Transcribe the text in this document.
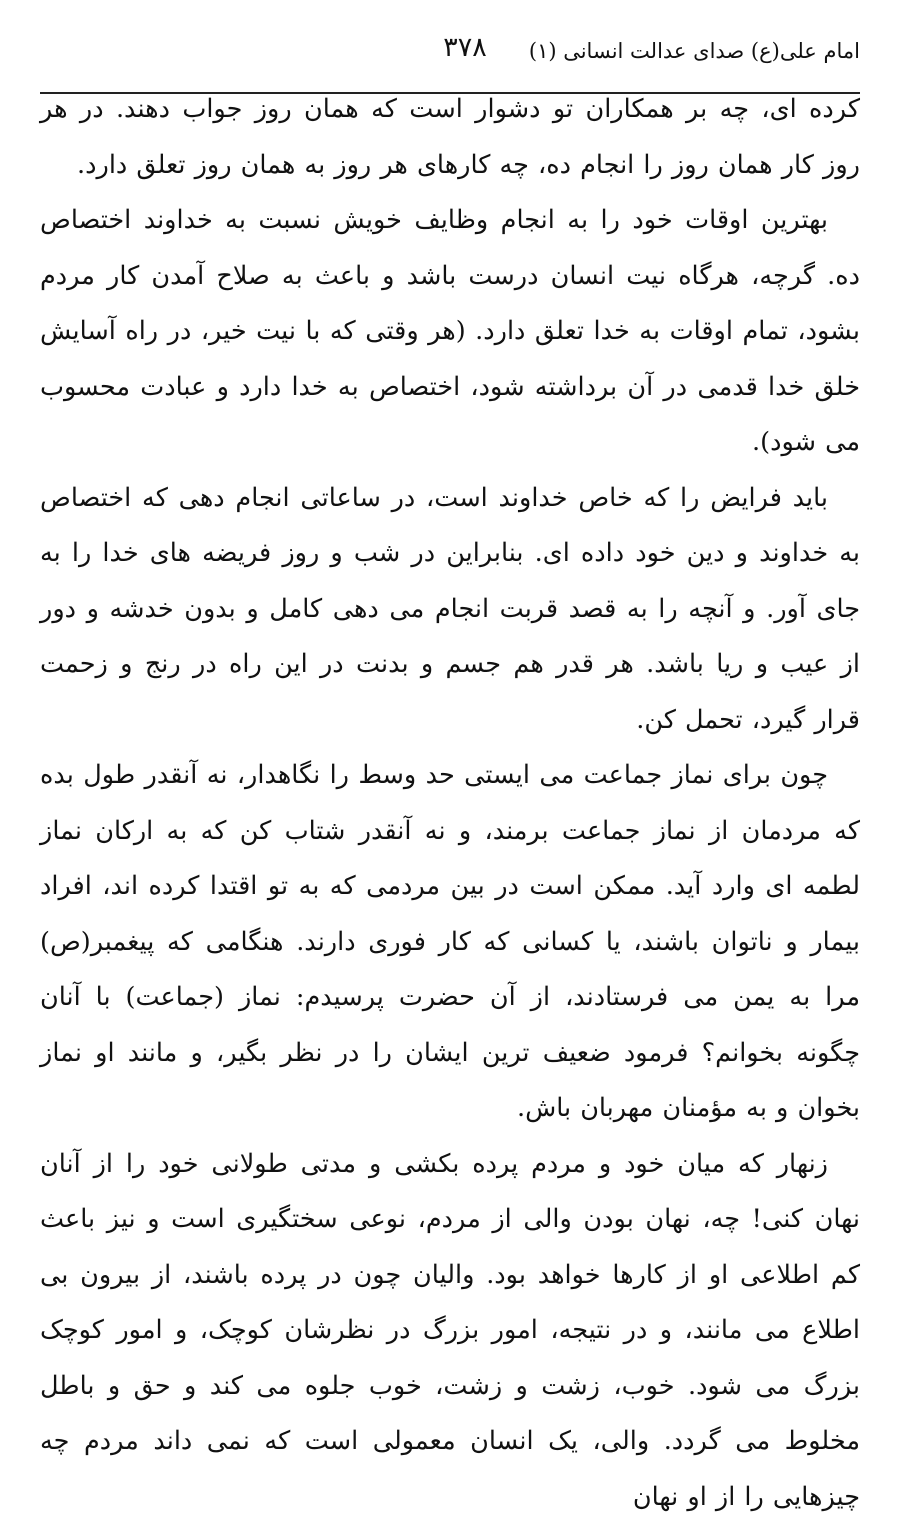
امام علی(ع) صدای عدالت انسانی (۱)
۳۷۸

کرده ای، چه بر همکاران تو دشوار است که همان روز جواب دهند. در هر روز کار همان روز را انجام ده، چه کارهای هر روز به همان روز تعلق دارد.

بهترین اوقات خود را به انجام وظایف خویش نسبت به خداوند اختصاص ده. گرچه، هرگاه نیت انسان درست باشد و باعث به صلاح آمدن کار مردم بشود، تمام اوقات به خدا تعلق دارد. (هر وقتی که با نیت خیر، در راه آسایش خلق خدا قدمی در آن برداشته شود، اختصاص به خدا دارد و عبادت محسوب می شود).

باید فرایض را که خاص خداوند است، در ساعاتی انجام دهی که اختصاص به خداوند و دین خود داده ای. بنابراین در شب و روز فریضه های خدا را به جای آور. و آنچه را به قصد قربت انجام می دهی کامل و بدون خدشه و دور از عیب و ریا باشد. هر قدر هم جسم و بدنت در این راه در رنج و زحمت قرار گیرد، تحمل کن.

چون برای نماز جماعت می ایستی حد وسط را نگاهدار، نه آنقدر طول بده که مردمان از نماز جماعت برمند، و نه آنقدر شتاب کن که به ارکان نماز لطمه ای وارد آید. ممکن است در بین مردمی که به تو اقتدا کرده اند، افراد بیمار و ناتوان باشند، یا کسانی که کار فوری دارند. هنگامی که پیغمبر(ص) مرا به یمن می فرستادند، از آن حضرت پرسیدم: نماز (جماعت) با آنان چگونه بخوانم؟ فرمود ضعیف ترین ایشان را در نظر بگیر، و مانند او نماز بخوان و به مؤمنان مهربان باش.

زنهار که میان خود و مردم پرده بکشی و مدتی طولانی خود را از آنان نهان کنی! چه، نهان بودن والی از مردم، نوعی سختگیری است و نیز باعث کم اطلاعی او از کارها خواهد بود. والیان چون در پرده باشند، از بیرون بی اطلاع می مانند، و در نتیجه، امور بزرگ در نظرشان کوچک، و امور کوچک بزرگ می شود. خوب، زشت و زشت، خوب جلوه می کند و حق و باطل مخلوط می گردد. والی، یک انسان معمولی است که نمی داند مردم چه چیزهایی را از او نهان
